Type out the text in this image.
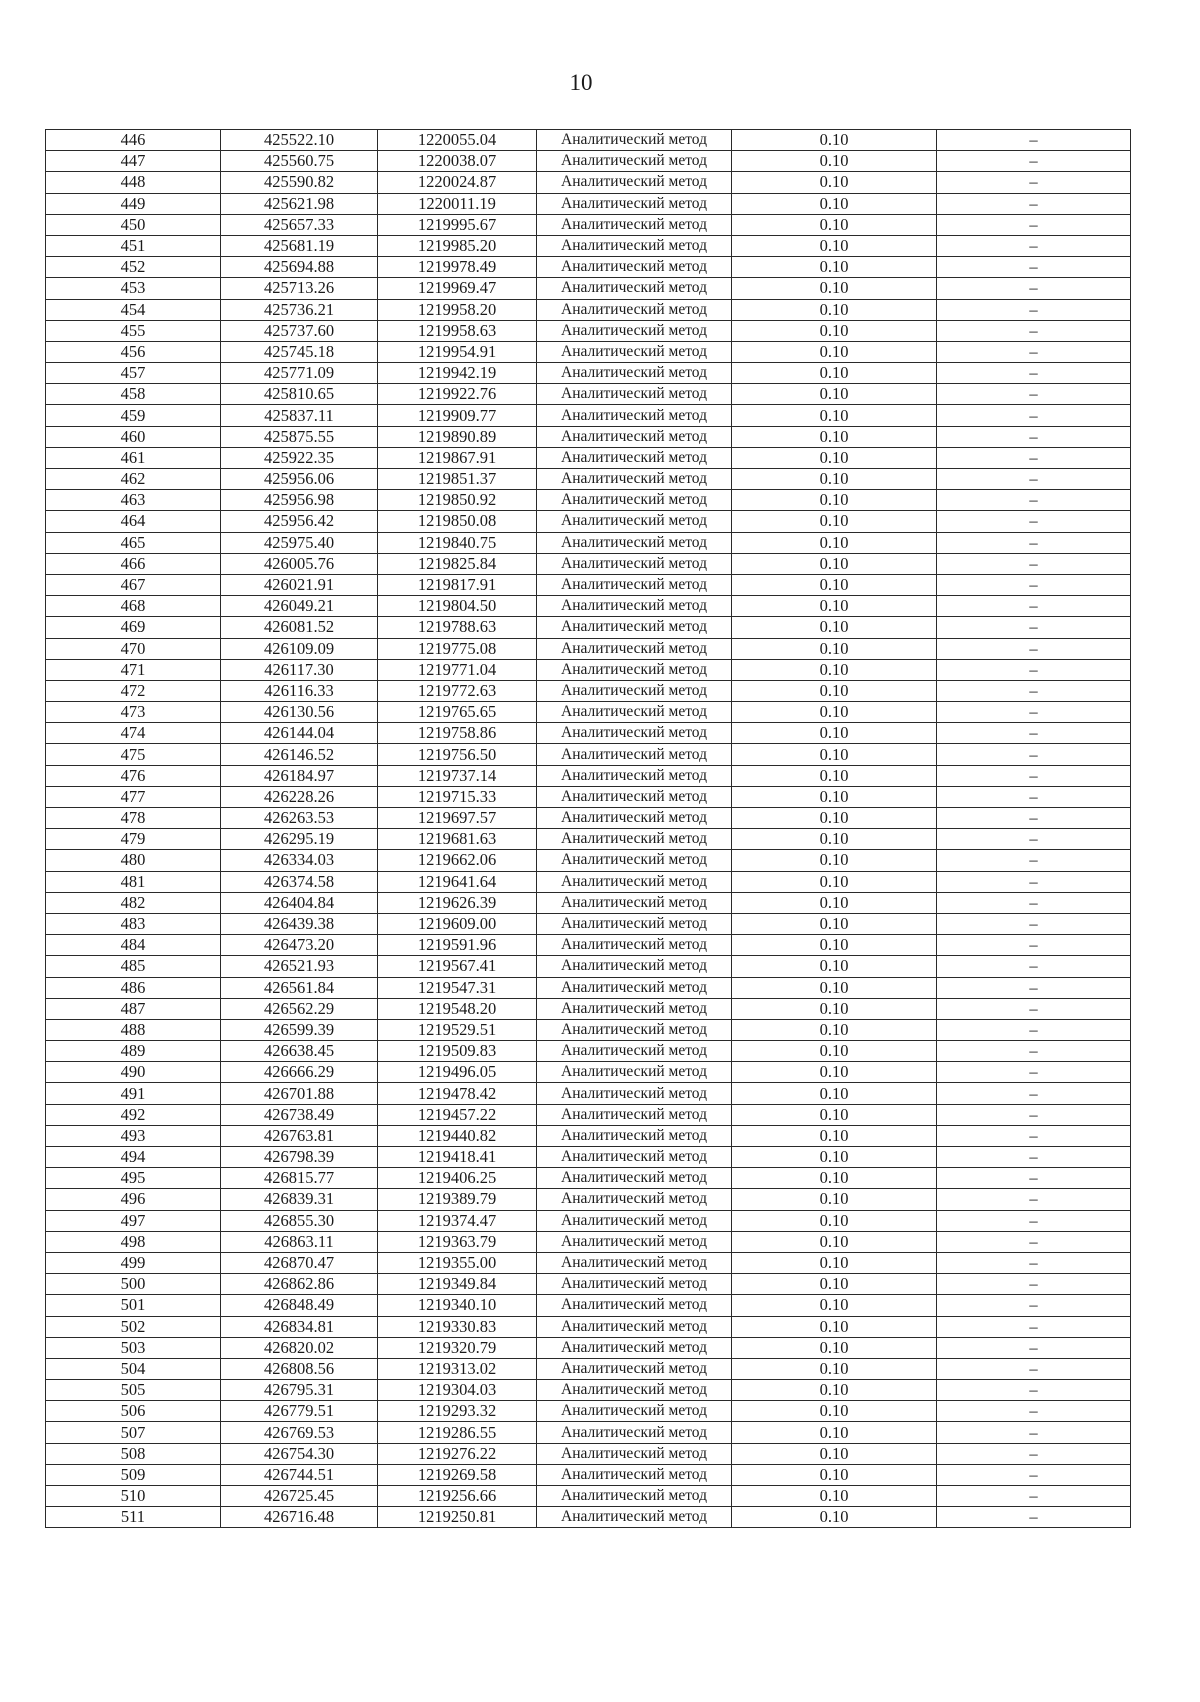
10
446	425522.10	1220055.04	Аналитический метод	0.10	–
447	425560.75	1220038.07	Аналитический метод	0.10	–
448	425590.82	1220024.87	Аналитический метод	0.10	–
449	425621.98	1220011.19	Аналитический метод	0.10	–
450	425657.33	1219995.67	Аналитический метод	0.10	–
451	425681.19	1219985.20	Аналитический метод	0.10	–
452	425694.88	1219978.49	Аналитический метод	0.10	–
453	425713.26	1219969.47	Аналитический метод	0.10	–
454	425736.21	1219958.20	Аналитический метод	0.10	–
455	425737.60	1219958.63	Аналитический метод	0.10	–
456	425745.18	1219954.91	Аналитический метод	0.10	–
457	425771.09	1219942.19	Аналитический метод	0.10	–
458	425810.65	1219922.76	Аналитический метод	0.10	–
459	425837.11	1219909.77	Аналитический метод	0.10	–
460	425875.55	1219890.89	Аналитический метод	0.10	–
461	425922.35	1219867.91	Аналитический метод	0.10	–
462	425956.06	1219851.37	Аналитический метод	0.10	–
463	425956.98	1219850.92	Аналитический метод	0.10	–
464	425956.42	1219850.08	Аналитический метод	0.10	–
465	425975.40	1219840.75	Аналитический метод	0.10	–
466	426005.76	1219825.84	Аналитический метод	0.10	–
467	426021.91	1219817.91	Аналитический метод	0.10	–
468	426049.21	1219804.50	Аналитический метод	0.10	–
469	426081.52	1219788.63	Аналитический метод	0.10	–
470	426109.09	1219775.08	Аналитический метод	0.10	–
471	426117.30	1219771.04	Аналитический метод	0.10	–
472	426116.33	1219772.63	Аналитический метод	0.10	–
473	426130.56	1219765.65	Аналитический метод	0.10	–
474	426144.04	1219758.86	Аналитический метод	0.10	–
475	426146.52	1219756.50	Аналитический метод	0.10	–
476	426184.97	1219737.14	Аналитический метод	0.10	–
477	426228.26	1219715.33	Аналитический метод	0.10	–
478	426263.53	1219697.57	Аналитический метод	0.10	–
479	426295.19	1219681.63	Аналитический метод	0.10	–
480	426334.03	1219662.06	Аналитический метод	0.10	–
481	426374.58	1219641.64	Аналитический метод	0.10	–
482	426404.84	1219626.39	Аналитический метод	0.10	–
483	426439.38	1219609.00	Аналитический метод	0.10	–
484	426473.20	1219591.96	Аналитический метод	0.10	–
485	426521.93	1219567.41	Аналитический метод	0.10	–
486	426561.84	1219547.31	Аналитический метод	0.10	–
487	426562.29	1219548.20	Аналитический метод	0.10	–
488	426599.39	1219529.51	Аналитический метод	0.10	–
489	426638.45	1219509.83	Аналитический метод	0.10	–
490	426666.29	1219496.05	Аналитический метод	0.10	–
491	426701.88	1219478.42	Аналитический метод	0.10	–
492	426738.49	1219457.22	Аналитический метод	0.10	–
493	426763.81	1219440.82	Аналитический метод	0.10	–
494	426798.39	1219418.41	Аналитический метод	0.10	–
495	426815.77	1219406.25	Аналитический метод	0.10	–
496	426839.31	1219389.79	Аналитический метод	0.10	–
497	426855.30	1219374.47	Аналитический метод	0.10	–
498	426863.11	1219363.79	Аналитический метод	0.10	–
499	426870.47	1219355.00	Аналитический метод	0.10	–
500	426862.86	1219349.84	Аналитический метод	0.10	–
501	426848.49	1219340.10	Аналитический метод	0.10	–
502	426834.81	1219330.83	Аналитический метод	0.10	–
503	426820.02	1219320.79	Аналитический метод	0.10	–
504	426808.56	1219313.02	Аналитический метод	0.10	–
505	426795.31	1219304.03	Аналитический метод	0.10	–
506	426779.51	1219293.32	Аналитический метод	0.10	–
507	426769.53	1219286.55	Аналитический метод	0.10	–
508	426754.30	1219276.22	Аналитический метод	0.10	–
509	426744.51	1219269.58	Аналитический метод	0.10	–
510	426725.45	1219256.66	Аналитический метод	0.10	–
511	426716.48	1219250.81	Аналитический метод	0.10	–
